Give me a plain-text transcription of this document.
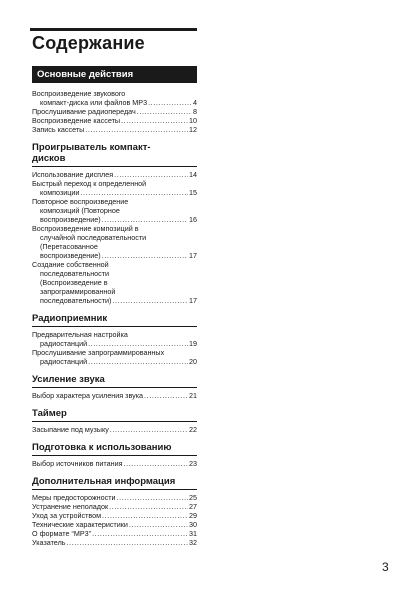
Содержание
Основные действия
Воспроизведение звукового
компакт-диска или файлов MP3 .....	4
Прослушивание радиопередач .....	8
Воспроизведение кассеты .....	10
Запись кассеты .....	12
Проигрыватель компакт-
дисков
Использование дисплея .....	14
Быстрый переход к определенной
композиции .....	15
Повторное воспроизведение
композиций (Повторное
воспроизведение) .....	16
Воспроизведение композиций в
случайной последовательности
(Перетасованное
воспроизведение) .....	17
Создание собственной
последовательности
(Воспроизведение в
запрограммированной
последовательности) .....	17
Радиоприемник
Предварительная настройка
радиостанций .....	19
Прослушивание запрограммированных
радиостанций .....	20
Усиление звука
Выбор характера усиления звука .....	21
Таймер
Засыпание под музыку .....	22
Подготовка к использованию
Выбор источников питания .....	23
Дополнительная информация
Меры предосторожности .....	25
Устранение неполадок .....	27
Уход за устройством .....	29
Технические характеристики .....	30
О формате “MP3” .....	31
Указатель .....	32
3
